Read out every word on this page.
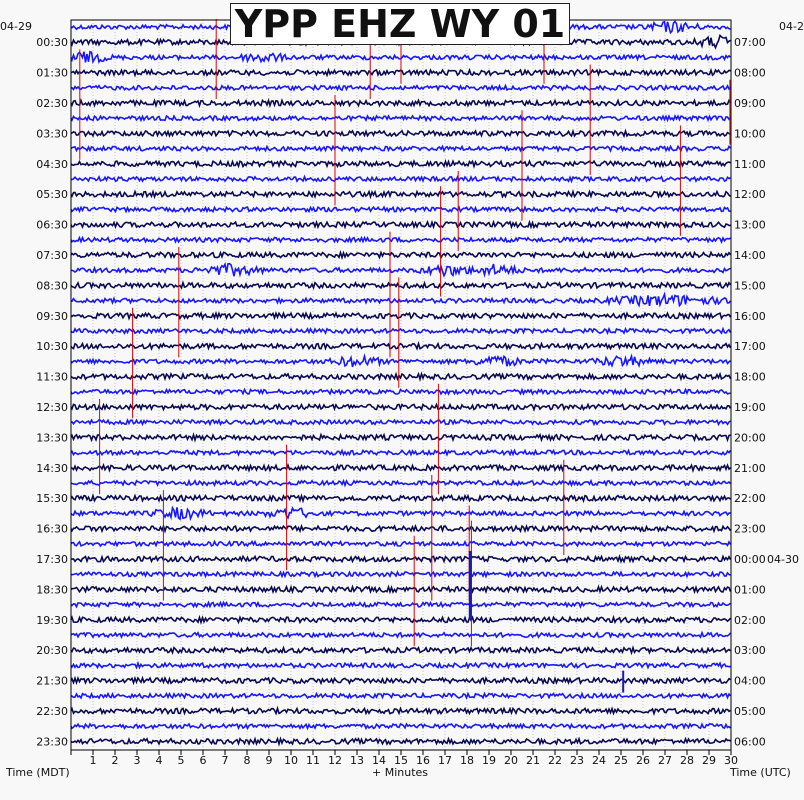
1 2 3 4 5 6 7 8 9 10 11 12 13 14 15 16 17 18 19 20 21 22 23 24 25 26 27 28 29 30
00:30
01:30
02:30
03:30
04:30
05:30
06:30
07:30
08:30
09:30
10:30
11:30
12:30
13:30
14:30
15:30
16:30
17:30
18:30
19:30
20:30
21:30
22:30
23:30
07:00
08:00
09:00
10:00
11:00
12:00
13:00
14:00
15:00
16:00
17:00
18:00
19:00
20:00
21:00
22:00
23:00
00:00 04-30
01:00
02:00
03:00
04:00
05:00
06:00
YPP EHZ WY 01
04-29	04-2
+ Minutes
Time (MDT)	Time (UTC)
